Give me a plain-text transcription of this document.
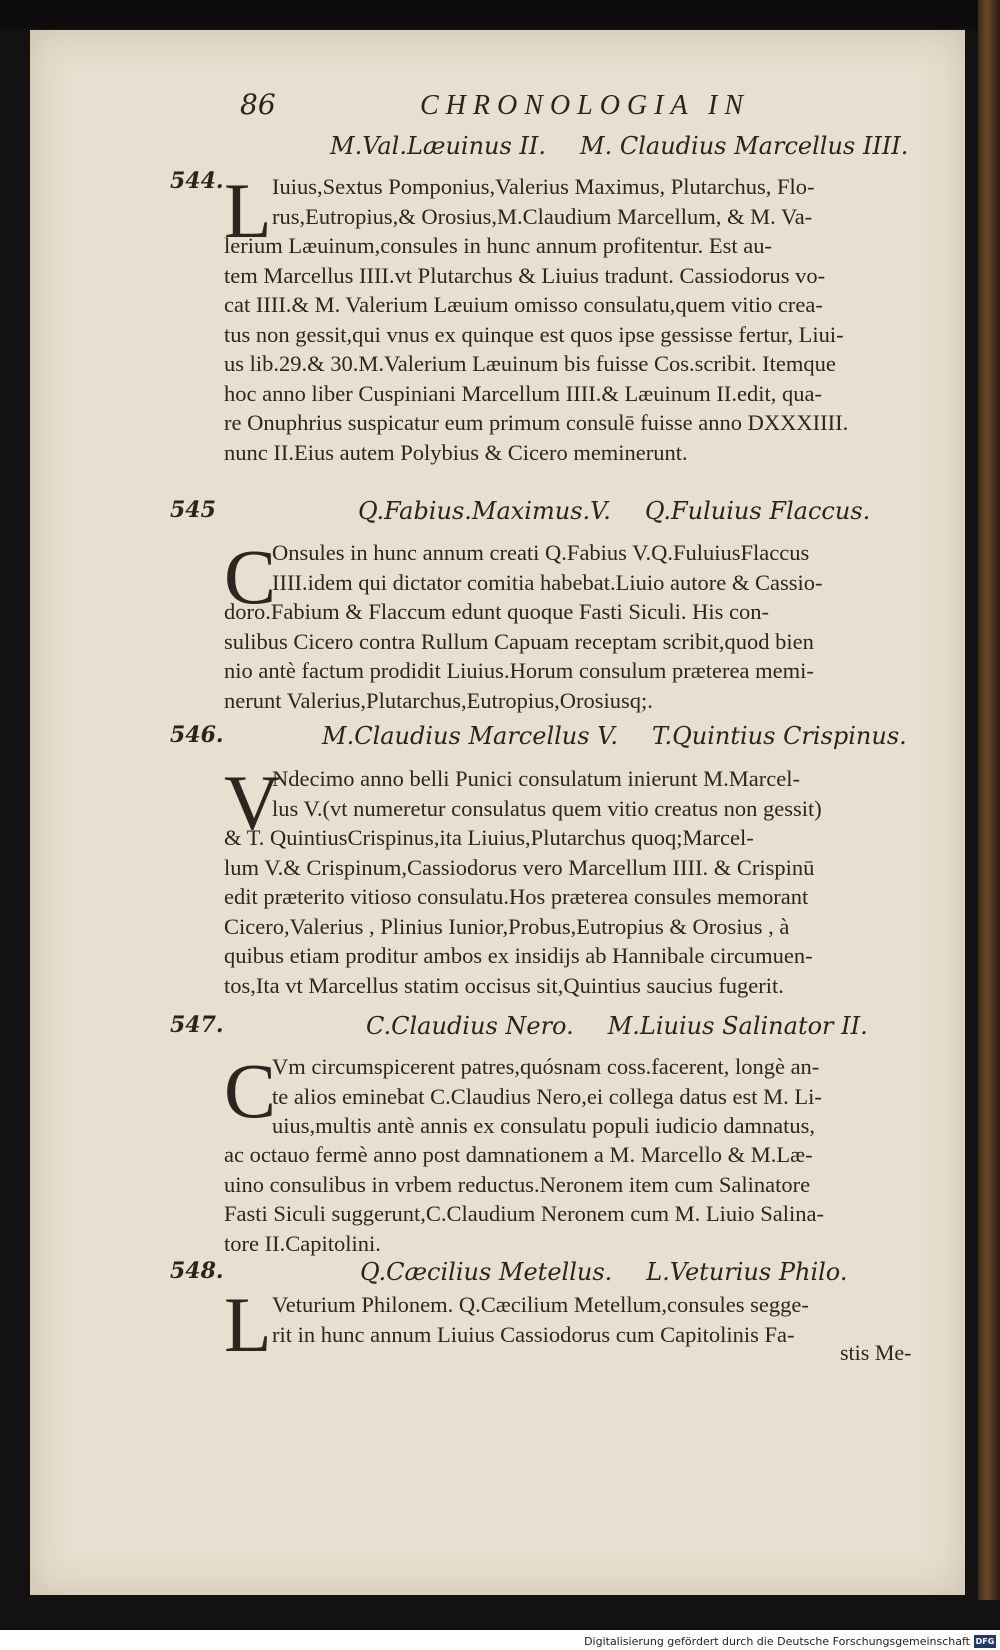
86	CHRONOLOGIA IN
M.Val.Læuinus II. M. Claudius Marcellus IIII.
544. L Iuius,Sextus Pomponius,Valerius Maximus, Plutarchus, Flo-
rus,Eutropius,& Orosius,M.Claudium Marcellum, & M. Va-
lerium Læuinum,consules in hunc annum profitentur. Est au-
tem Marcellus IIII.vt Plutarchus & Liuius tradunt. Cassiodorus vo-
cat IIII.& M. Valerium Læuium omisso consulatu,quem vitio crea-
tus non gessit,qui vnus ex quinque est quos ipse gessisse fertur, Liui-
us lib.29.& 30.M.Valerium Læuinum bis fuisse Cos.scribit. Itemque
hoc anno liber Cuspiniani Marcellum IIII.& Læuinum II.edit, qua-
re Onuphrius suspicatur eum primum consulē fuisse anno DXXXIIII.
nunc II.Eius autem Polybius & Cicero meminerunt.
545	Q.Fabius.Maximus.V. Q.Fuluius Flaccus.
C
Onsules in hunc annum creati Q.Fabius V.Q.FuluiusFlaccus
IIII.idem qui dictator comitia habebat.Liuio autore & Cassio-
doro.Fabium & Flaccum edunt quoque Fasti Siculi. His con-
sulibus Cicero contra Rullum Capuam receptam scribit,quod bien
nio antè factum prodidit Liuius.Horum consulum præterea memi-
nerunt Valerius,Plutarchus,Eutropius,Orosiusq;.
546.	M.Claudius Marcellus V. T.Quintius Crispinus.
V
Ndecimo anno belli Punici consulatum inierunt M.Marcel-
lus V.(vt numeretur consulatus quem vitio creatus non gessit)
& T. QuintiusCrispinus,ita Liuius,Plutarchus quoq;Marcel-
lum V.& Crispinum,Cassiodorus vero Marcellum IIII. & Crispinū
edit præterito vitioso consulatu.Hos præterea consules memorant
Cicero,Valerius , Plinius Iunior,Probus,Eutropius & Orosius , à
quibus etiam proditur ambos ex insidijs ab Hannibale circumuen-
tos,Ita vt Marcellus statim occisus sit,Quintius saucius fugerit.
547.	C.Claudius Nero. M.Liuius Salinator II.
C
Vm circumspicerent patres,quósnam coss.facerent, longè an-
te alios eminebat C.Claudius Nero,ei collega datus est M. Li-
uius,multis antè annis ex consulatu populi iudicio damnatus,
ac octauo fermè anno post damnationem a M. Marcello & M.Læ-
uino consulibus in vrbem reductus.Neronem item cum Salinatore
Fasti Siculi suggerunt,C.Claudium Neronem cum M. Liuio Salina-
tore II.Capitolini.
548.	Q.Cæcilius Metellus. L.Veturius Philo.
L Veturium Philonem. Q.Cæcilium Metellum,consules segge-
rit in hunc annum Liuius Cassiodorus cum Capitolinis Fa-
stis Me-
Digitalisierung gefördert durch die Deutsche Forschungsgemeinschaft DFG
